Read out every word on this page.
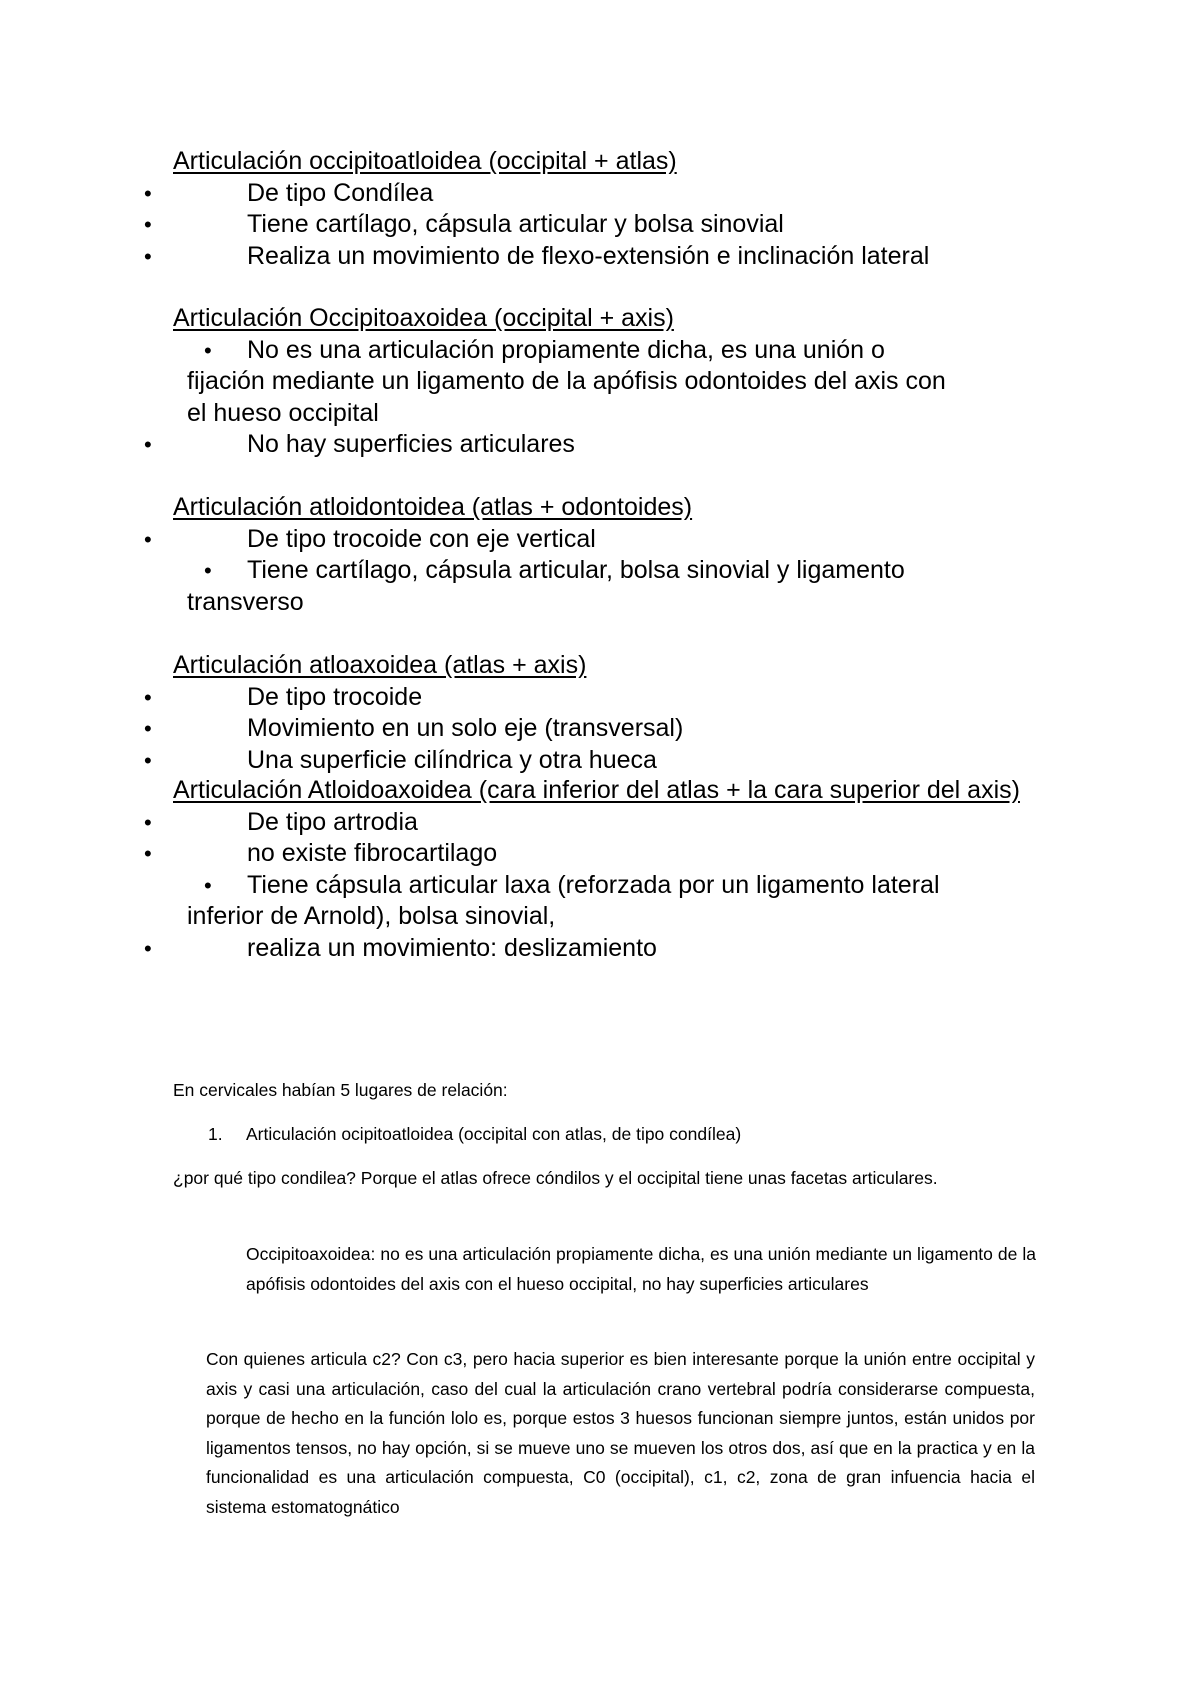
Articulación occipitoatloidea (occipital + atlas)
• De tipo Condílea
• Tiene cartílago, cápsula articular y bolsa sinovial
• Realiza un movimiento de flexo-extensión e inclinación lateral
Articulación Occipitoaxoidea (occipital + axis)
• No es una articulación propiamente dicha, es una unión o fijación mediante un ligamento de la apófisis odontoides del axis con el hueso occipital
• No hay superficies articulares
Articulación atloidontoidea (atlas + odontoides)
• De tipo trocoide con eje vertical
• Tiene cartílago, cápsula articular, bolsa sinovial y ligamento transverso
Articulación atloaxoidea (atlas + axis)
• De tipo trocoide
• Movimiento en un solo eje (transversal)
• Una superficie cilíndrica y otra hueca
Articulación Atloidoaxoidea (cara inferior del atlas + la cara superior del axis)
• De tipo artrodia
• no existe fibrocartilago
• Tiene cápsula articular laxa (reforzada por un ligamento lateral inferior de Arnold), bolsa sinovial,
• realiza un movimiento: deslizamiento
En cervicales habían 5 lugares de relación:
1. Articulación ocipitoatloidea (occipital con atlas, de tipo condílea)
¿por qué tipo condilea? Porque el atlas ofrece cóndilos y el occipital tiene unas facetas articulares.
Occipitoaxoidea: no es una articulación propiamente dicha, es una unión mediante un ligamento de la apófisis odontoides del axis con el hueso occipital, no hay superficies articulares
Con quienes articula c2? Con c3, pero hacia superior es bien interesante porque la unión entre occipital y axis y casi una articulación, caso del cual la articulación crano vertebral podría considerarse compuesta, porque de hecho en la función lolo es, porque estos 3 huesos funcionan siempre juntos, están unidos por ligamentos tensos, no hay opción, si se mueve uno se mueven los otros dos, así que en la practica y en la funcionalidad es una articulación compuesta, C0 (occipital), c1, c2, zona de gran infuencia hacia el sistema estomatognático
